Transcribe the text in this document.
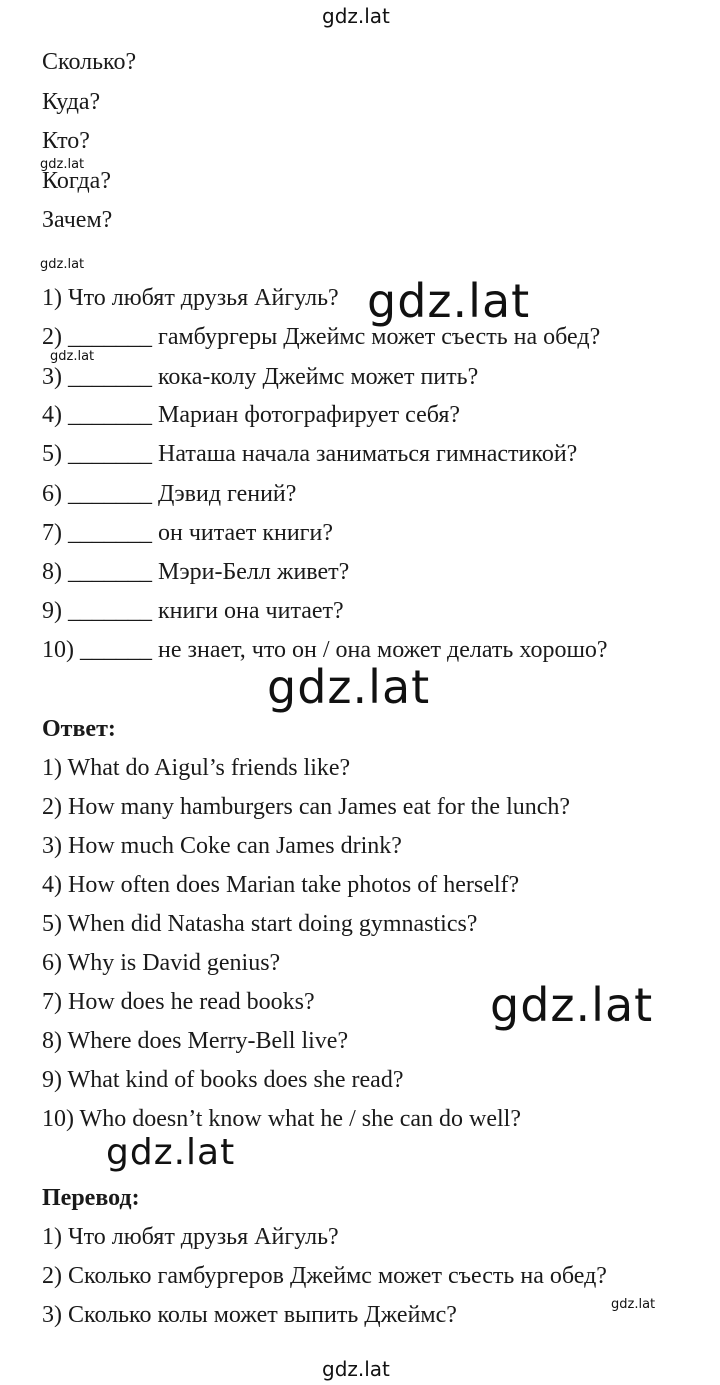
gdz.lat
gdz.lat
gdz.lat
gdz.lat
gdz.lat
gdz.lat
gdz.lat
gdz.lat
gdz.lat
gdz.lat
Сколько?
Куда?
Кто?
Когда?
Зачем?
1) Что любят друзья Айгуль?
2) _______ гамбургеры Джеймс может съесть на обед?
3) _______ кока-колу Джеймс может пить?
4) _______ Мариан фотографирует себя?
5) _______ Наташа начала заниматься гимнастикой?
6) _______ Дэвид гений?
7) _______ он читает книги?
8) _______ Мэри-Белл живет?
9) _______ книги она читает?
10) ______ не знает, что он / она может делать хорошо?
Ответ:
1) What do Aigul’s friends like?
2) How many hamburgers can James eat for the lunch?
3) How much Coke can James drink?
4) How often does Marian take photos of herself?
5) When did Natasha start doing gymnastics?
6) Why is David genius?
7) How does he read books?
8) Where does Merry-Bell live?
9) What kind of books does she read?
10) Who doesn’t know what he / she can do well?
Перевод:
1) Что любят друзья Айгуль?
2) Сколько гамбургеров Джеймс может съесть на обед?
3) Сколько колы может выпить Джеймс?
